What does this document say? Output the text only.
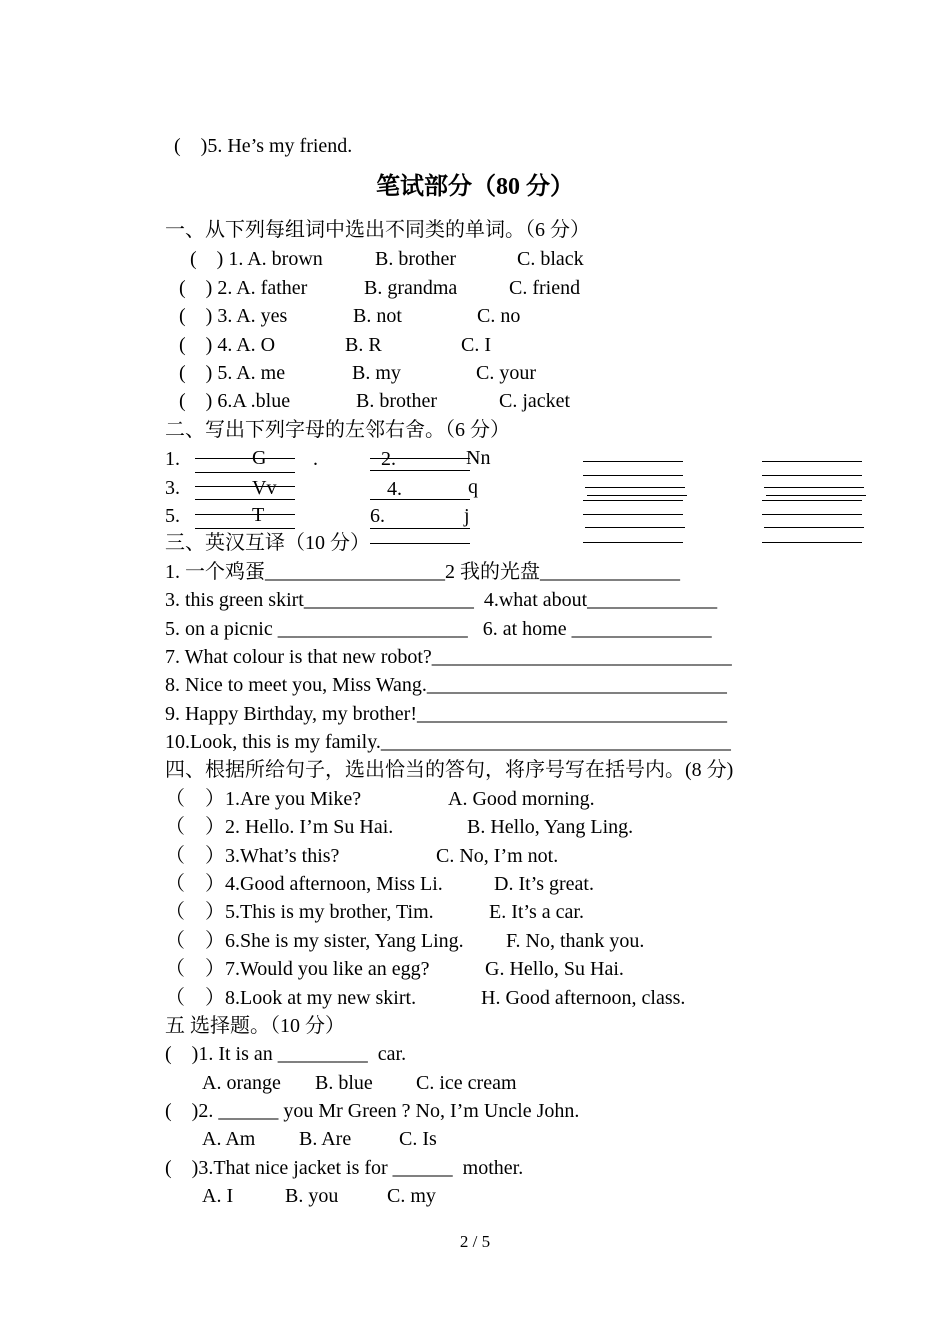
(    )5. He’s my friend.
笔试部分（80 分）
一、从下列每组词中选出不同类的单词。（6 分）
(    ) 1. A. brown	B. brother	C. black
(    ) 2. A. father	B. grandma	C. friend
(    ) 3. A. yes	B. not	C. no
(    ) 4. A. O	B. R	C. I
(    ) 5. A. me	B. my	C. your
(    ) 6.A .blue	B. brother	C. jacket
二、写出下列字母的左邻右舍。（6 分）
1.	G .	2.	Nn
3.	Vv	4.	q
5.	T	6.	j
三、英汉互译（10 分）
1. 一个鸡蛋__________________2 我的光盘______________
3. this green skirt_________________  4.what about_____________
5. on a picnic ___________________   6. at home ______________
7. What colour is that new robot?______________________________
8. Nice to meet you, Miss Wang.______________________________
9. Happy Birthday, my brother!_______________________________
10.Look, this is my family.___________________________________
四、根据所给句子，选出恰当的答句，将序号写在括号内。(8 分)
（    ）1.Are you Mike?	A. Good morning.
（    ）2. Hello. I’m Su Hai.	B. Hello, Yang Ling.
（    ）3.What’s this?	C. No, I’m not.
（    ）4.Good afternoon, Miss Li.	D. It’s great.
（    ）5.This is my brother, Tim.	E. It’s a car.
（    ）6.She is my sister, Yang Ling. F. No, thank you.
（    ）7.Would you like an egg?	G. Hello, Su Hai.
（    ）8.Look at my new skirt.	H. Good afternoon, class.
五 选择题。（10 分）
(    )1. It is an _________  car.
A. orange B. blue C. ice cream
(    )2. ______ you Mr Green ? No, I’m Uncle John.
A. Am B. Are C. Is
(    )3.That nice jacket is for ______  mother.
A. I	B. you C. my
2 / 5
